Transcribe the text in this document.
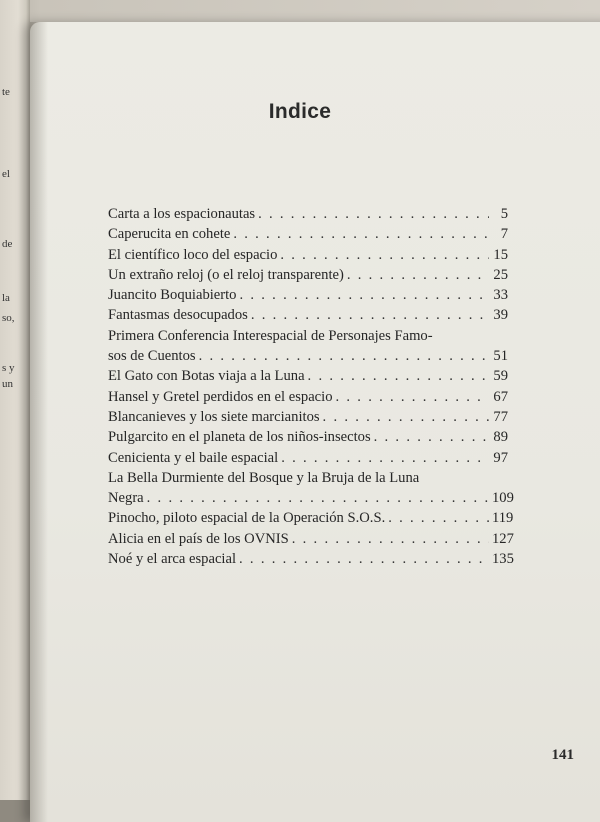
te
el
de
la
so,
s y
un
Indice
Carta a los espacionautas . . .	5
Caperucita en cohete . . .	7
El científico loco del espacio . . .	15
Un extraño reloj (o el reloj transparente) . . .	25
Juancito Boquiabierto . . .	33
Fantasmas desocupados . . .	39
Primera Conferencia Interespacial de Personajes Famo-
sos de Cuentos . . .	51
El Gato con Botas viaja a la Luna . . .	59
Hansel y Gretel perdidos en el espacio . . .	67
Blancanieves y los siete marcianitos . . .	77
Pulgarcito en el planeta de los niños-insectos . . .	89
Cenicienta y el baile espacial . . .	97
La Bella Durmiente del Bosque y la Bruja de la Luna
Negra . . .	109
Pinocho, piloto espacial de la Operación S.O.S. . . .	119
Alicia en el país de los OVNIS . . .	127
Noé y el arca espacial . . .	135
141
